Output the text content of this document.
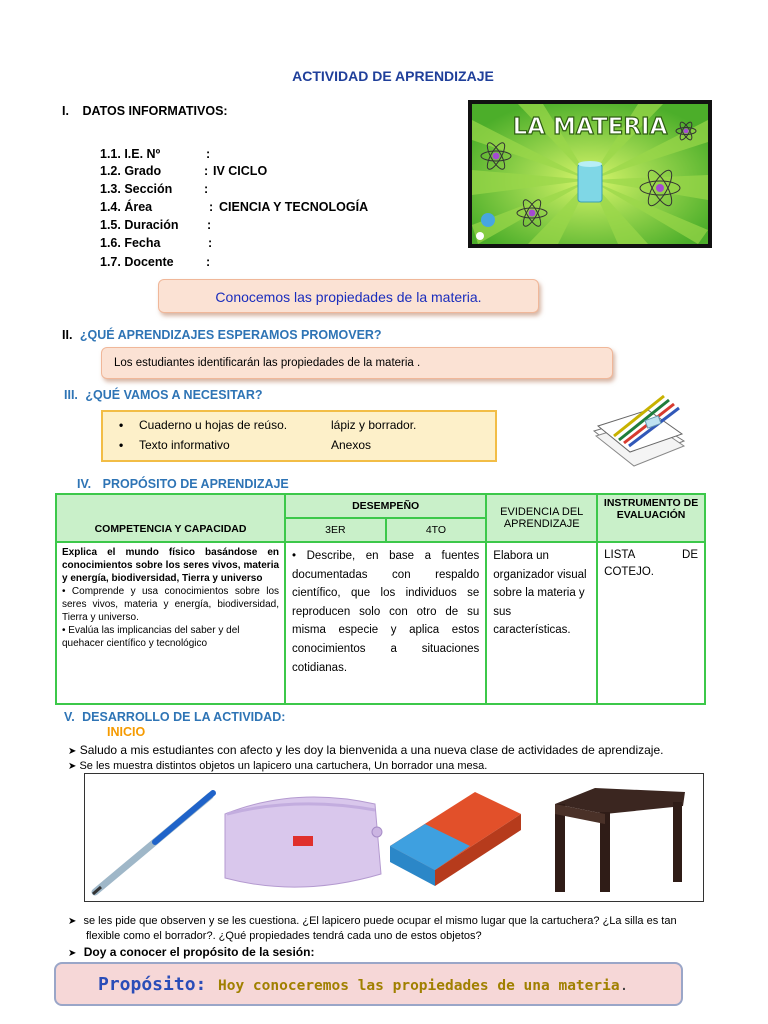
ACTIVIDAD DE APRENDIZAJE
I. DATOS INFORMATIVOS:
1.1. I.E. Nº	:
1.2. Grado	: IV CICLO
1.3. Sección	:
1.4. Área	: CIENCIA Y TECNOLOGÍA
1.5. Duración :
1.6. Fecha	:
1.7. Docente	:
LA MATERIA
Conocemos las propiedades de la materia.
II. ¿QUÉ APRENDIZAJES ESPERAMOS PROMOVER?
Los estudiantes identificarán las propiedades de la materia .
III. ¿QUÉ VAMOS A NECESITAR?
• Cuaderno u hojas de reúso.	lápiz y borrador.
• Texto informativo	Anexos
IV. PROPÓSITO DE APRENDIZAJE
COMPETENCIA Y CAPACIDAD	DESEMPEÑO		EVIDENCIA DEL APRENDIZAJE	INSTRUMENTO DE EVALUACIÓN
	3ER	4TO		

Explica el mundo físico basándose en conocimientos sobre los seres vivos, materia y energía, biodiversidad, Tierra y universo
• Comprende y usa conocimientos sobre los seres vivos, materia y energía, biodiversidad, Tierra y universo.
• Evalúa las implicancias del saber y del quehacer científico y tecnológico	• Describe, en base a fuentes documentadas con respaldo científico, que los individuos se reproducen solo con otro de su misma especie y aplica estos conocimientos a situaciones cotidianas.		Elabora un organizador visual sobre la materia y sus características.	LISTA DE COTEJO.
V. DESARROLLO DE LA ACTIVIDAD:
INICIO
➤ Saludo a mis estudiantes con afecto y les doy la bienvenida a una nueva clase de actividades de aprendizaje.
➤ Se les muestra distintos objetos un lapicero una cartuchera, Un borrador una mesa.
➤ se les pide que observen y se les cuestiona. ¿El lapicero puede ocupar el mismo lugar que la cartuchera? ¿La silla es tan
flexible como el borrador?. ¿Qué propiedades tendrá cada uno de estos objetos?
➤ Doy a conocer el propósito de la sesión:
Propósito: Hoy conoceremos las propiedades de una materia.
